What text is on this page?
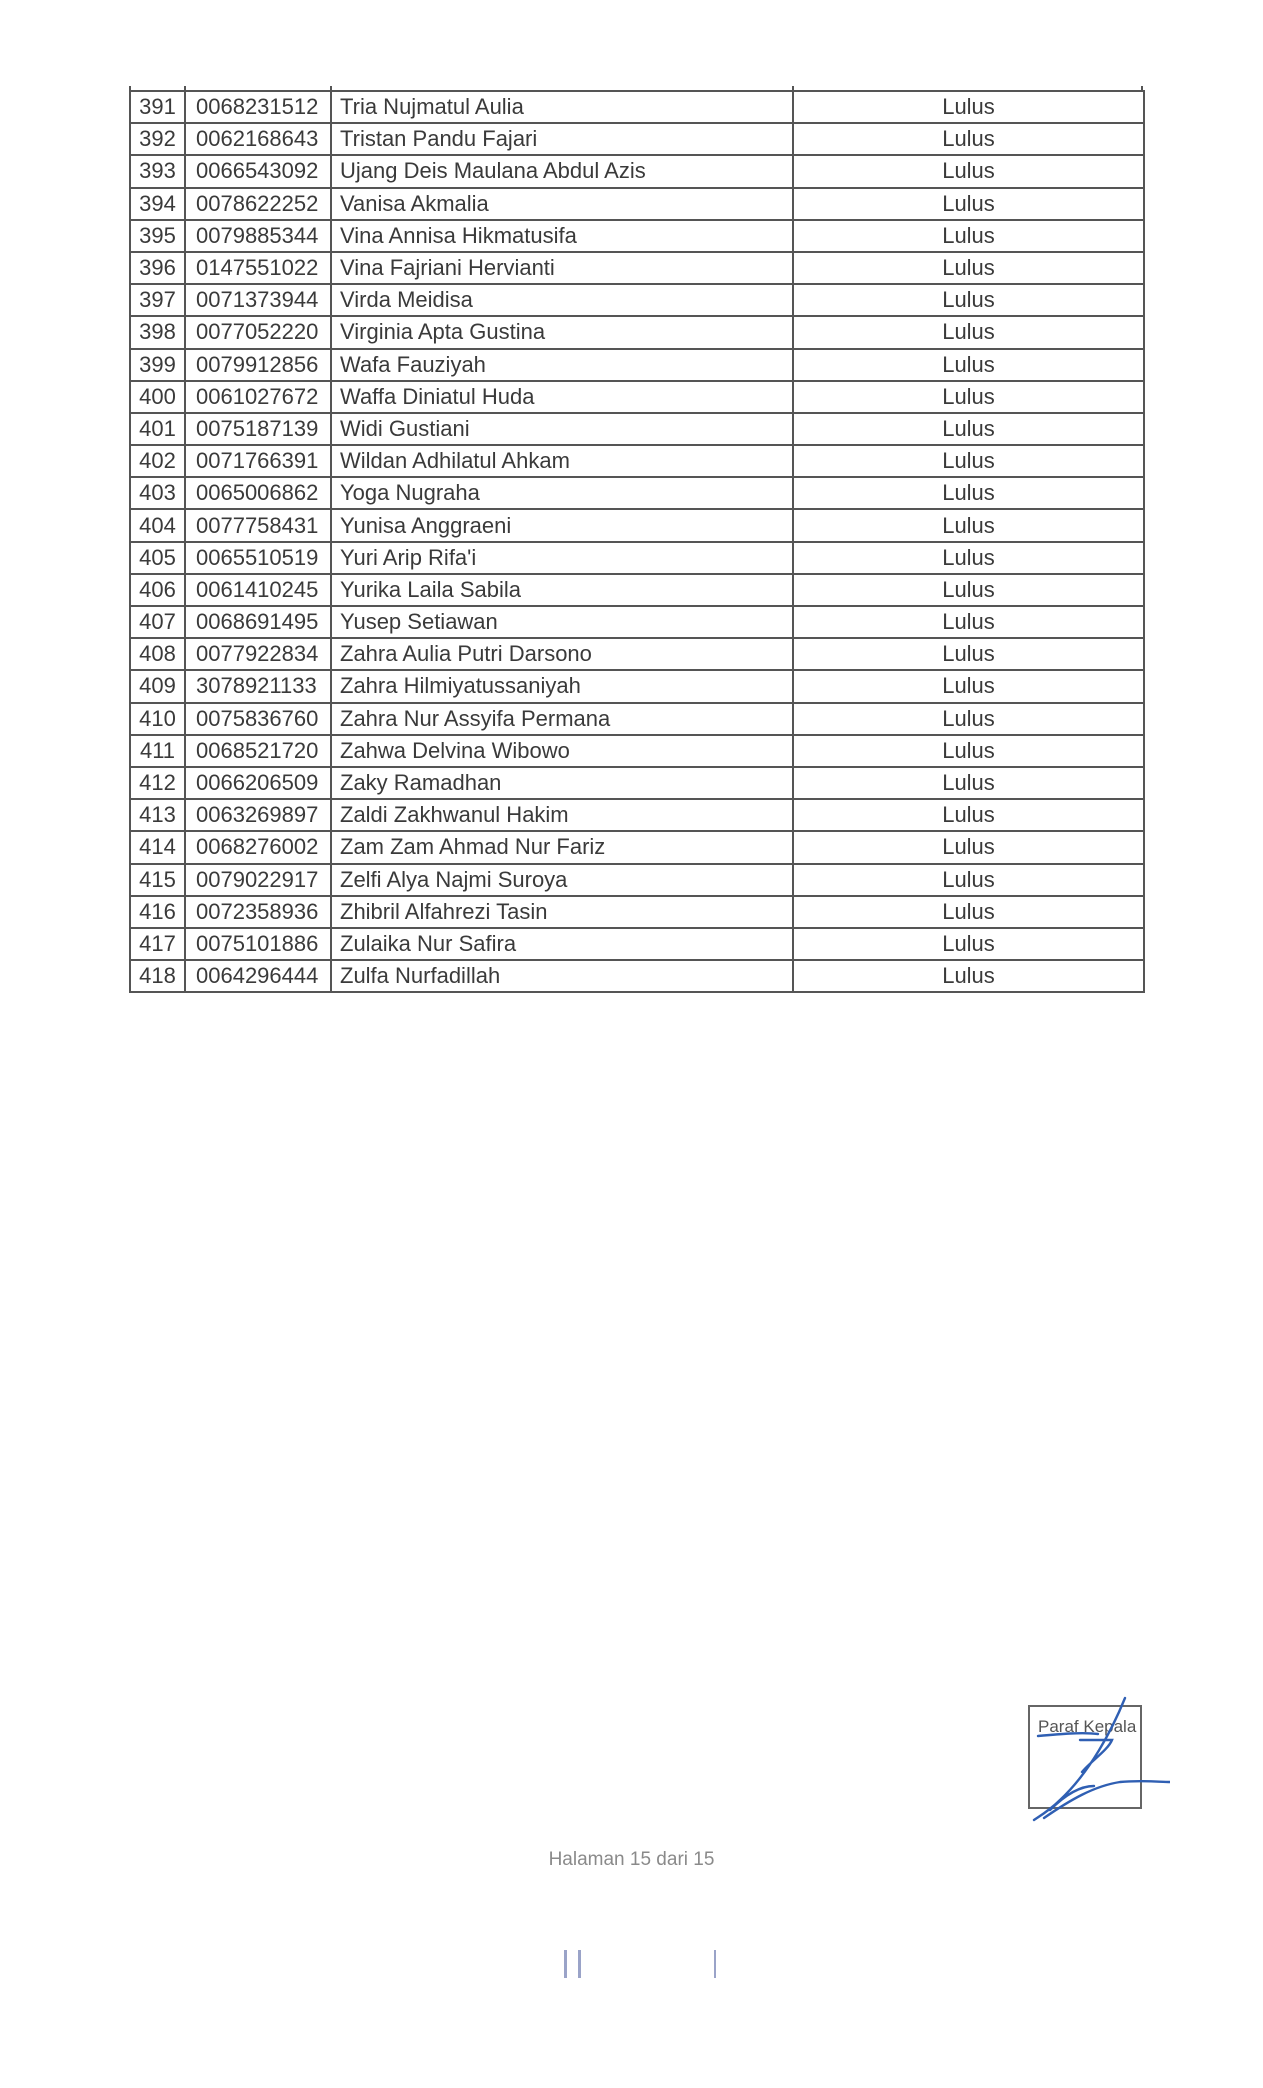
391	0068231512	Tria Nujmatul Aulia	Lulus
392	0062168643	Tristan Pandu Fajari	Lulus
393	0066543092	Ujang Deis Maulana Abdul Azis	Lulus
394	0078622252	Vanisa Akmalia	Lulus
395	0079885344	Vina Annisa Hikmatusifa	Lulus
396	0147551022	Vina Fajriani Hervianti	Lulus
397	0071373944	Virda Meidisa	Lulus
398	0077052220	Virginia Apta Gustina	Lulus
399	0079912856	Wafa Fauziyah	Lulus
400	0061027672	Waffa Diniatul Huda	Lulus
401	0075187139	Widi Gustiani	Lulus
402	0071766391	Wildan Adhilatul Ahkam	Lulus
403	0065006862	Yoga Nugraha	Lulus
404	0077758431	Yunisa Anggraeni	Lulus
405	0065510519	Yuri Arip Rifa'i	Lulus
406	0061410245	Yurika Laila Sabila	Lulus
407	0068691495	Yusep Setiawan	Lulus
408	0077922834	Zahra Aulia Putri Darsono	Lulus
409	3078921133	Zahra Hilmiyatussaniyah	Lulus
410	0075836760	Zahra Nur Assyifa Permana	Lulus
411	0068521720	Zahwa Delvina Wibowo	Lulus
412	0066206509	Zaky Ramadhan	Lulus
413	0063269897	Zaldi Zakhwanul Hakim	Lulus
414	0068276002	Zam Zam Ahmad Nur Fariz	Lulus
415	0079022917	Zelfi Alya Najmi Suroya	Lulus
416	0072358936	Zhibril Alfahrezi Tasin	Lulus
417	0075101886	Zulaika Nur Safira	Lulus
418	0064296444	Zulfa Nurfadillah	Lulus
Paraf Kepala
Halaman 15 dari 15
